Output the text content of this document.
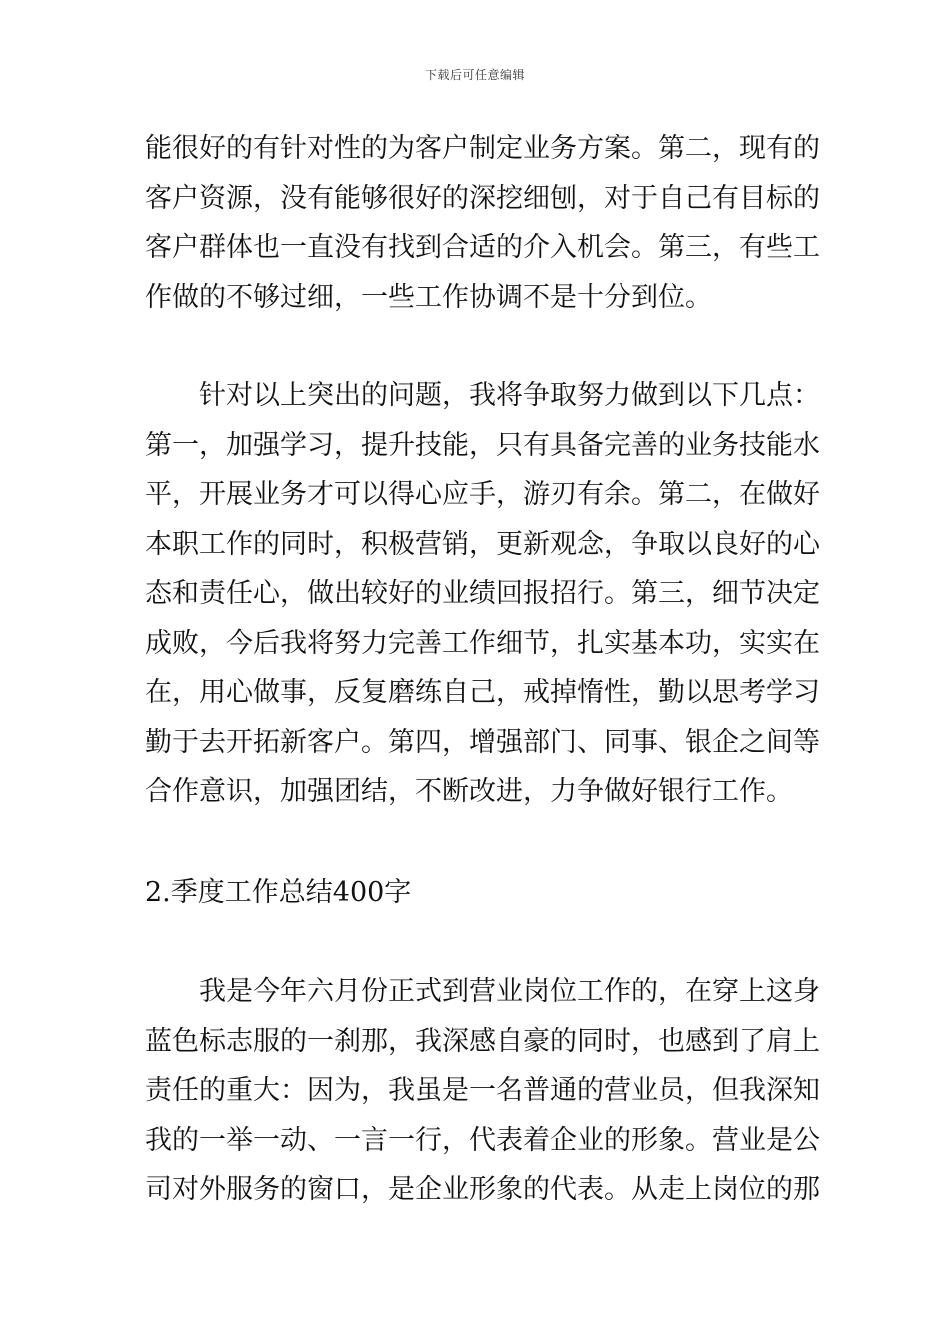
下载后可任意编辑
能很好的有针对性的为客户制定业务方案。第二，现有的
客户资源，没有能够很好的深挖细刨，对于自己有目标的
客户群体也一直没有找到合适的介入机会。第三，有些工
作做的不够过细，一些工作协调不是十分到位。
　　针对以上突出的问题，我将争取努力做到以下几点：
第一，加强学习，提升技能，只有具备完善的业务技能水
平，开展业务才可以得心应手，游刃有余。第二，在做好
本职工作的同时，积极营销，更新观念，争取以良好的心
态和责任心，做出较好的业绩回报招行。第三，细节决定
成败，今后我将努力完善工作细节，扎实基本功，实实在
在，用心做事，反复磨练自己，戒掉惰性，勤以思考学习
勤于去开拓新客户。第四，增强部门、同事、银企之间等
合作意识，加强团结，不断改进，力争做好银行工作。
2.季度工作总结400字
　　我是今年六月份正式到营业岗位工作的，在穿上这身
蓝色标志服的一刹那，我深感自豪的同时，也感到了肩上
责任的重大：因为，我虽是一名普通的营业员，但我深知
我的一举一动、一言一行，代表着企业的形象。营业是公
司对外服务的窗口，是企业形象的代表。从走上岗位的那
